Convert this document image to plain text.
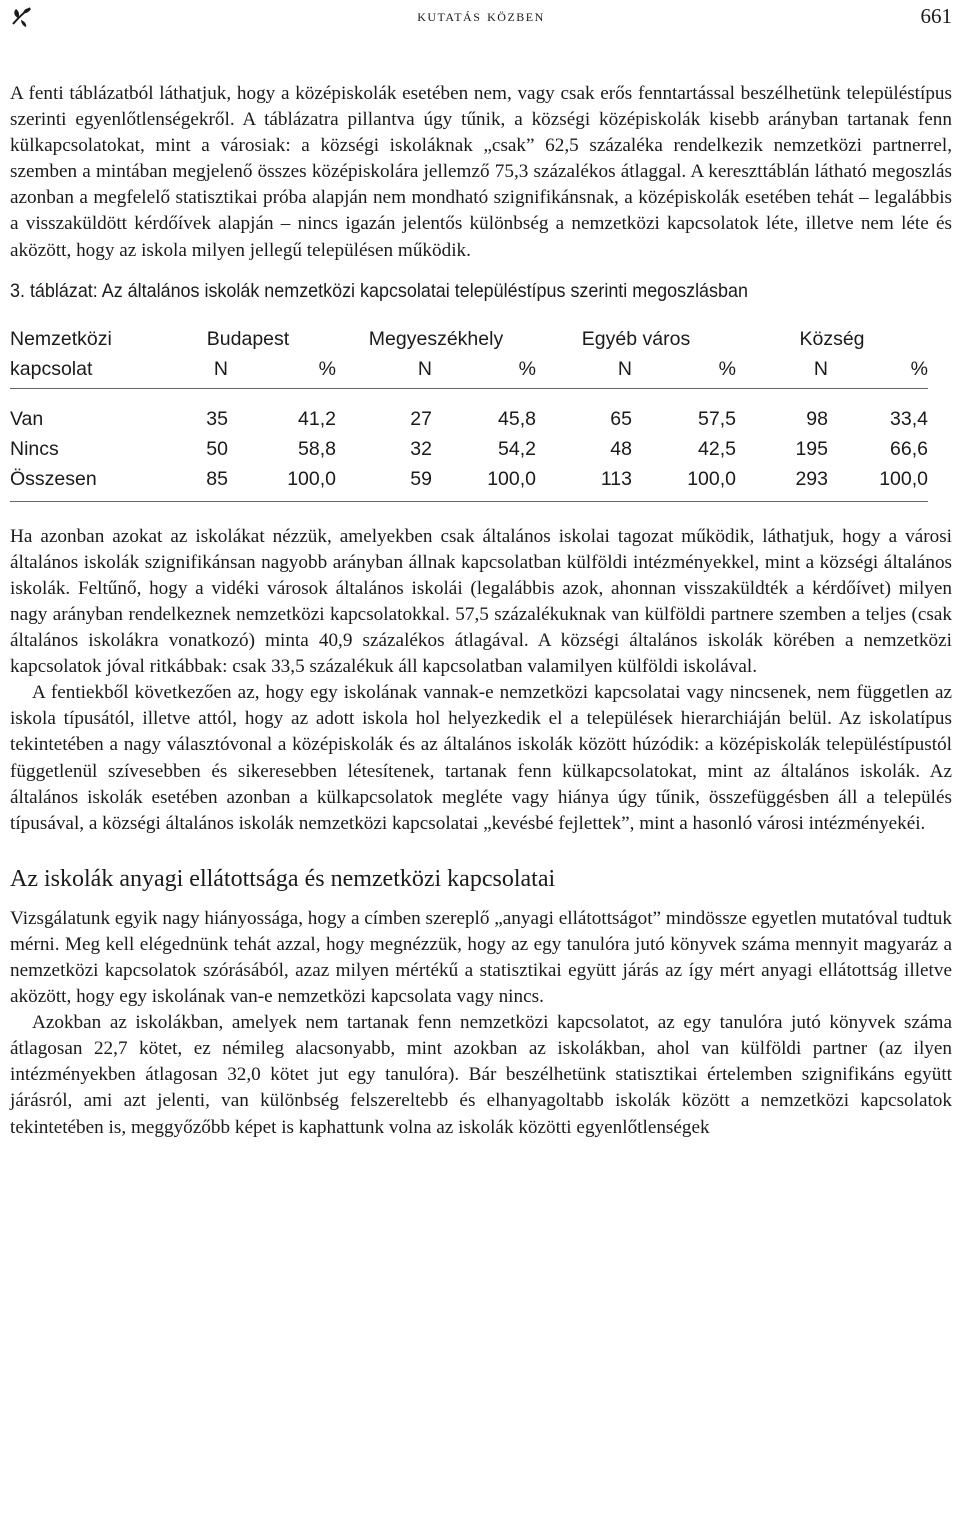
kutatás közben	661

A fenti táblázatból láthatjuk, hogy a középiskolák esetében nem, vagy csak erős fenntartással beszélhetünk településtípus szerinti egyenlőtlenségekről. A táblázatra pillantva úgy tűnik, a községi középiskolák kisebb arányban tartanak fenn külkapcsolatokat, mint a városiak: a községi iskoláknak „csak” 62,5 százaléka rendelkezik nemzetközi partnerrel, szemben a mintában megjelenő összes középiskolára jellemző 75,3 százalékos átlaggal. A kereszttáblán látható megoszlás azonban a megfelelő statisztikai próba alapján nem mondható szignifikánsnak, a középiskolák esetében tehát – legalábbis a visszaküldött kérdőívek alapján – nincs igazán jelentős különbség a nemzetközi kapcsolatok léte, illetve nem léte és aközött, hogy az iskola milyen jellegű településen működik.

3. táblázat: Az általános iskolák nemzetközi kapcsolatai településtípus szerinti megoszlásban
Nemzetközi	Budapest		Megyeszékhely		Egyéb város		Község	
kapcsolat	N	%	N	%	N	%	N	%
Van	35	41,2	27	45,8	65	57,5	98	33,4
Nincs	50	58,8	32	54,2	48	42,5	195	66,6
Összesen	85	100,0	59	100,0	113	100,0	293	100,0

Ha azonban azokat az iskolákat nézzük, amelyekben csak általános iskolai tagozat működik, láthatjuk, hogy a városi általános iskolák szignifikánsan nagyobb arányban állnak kapcsolatban külföldi intézményekkel, mint a községi általános iskolák. Feltűnő, hogy a vidéki városok általános iskolái (legalábbis azok, ahonnan visszaküldték a kérdőívet) milyen nagy arányban rendelkeznek nemzetközi kapcsolatokkal. 57,5 százalékuknak van külföldi partnere szemben a teljes (csak általános iskolákra vonatkozó) minta 40,9 százalékos átlagával. A községi általános iskolák körében a nemzetközi kapcsolatok jóval ritkábbak: csak 33,5 százalékuk áll kapcsolatban valamilyen külföldi iskolával.

A fentiekből következően az, hogy egy iskolának vannak-e nemzetközi kapcsolatai vagy nincsenek, nem független az iskola típusától, illetve attól, hogy az adott iskola hol helyezkedik el a települések hierarchiáján belül. Az iskolatípus tekintetében a nagy választóvonal a középiskolák és az általános iskolák között húzódik: a középiskolák településtípustól függetlenül szívesebben és sikeresebben létesítenek, tartanak fenn külkapcsolatokat, mint az általános iskolák. Az általános iskolák esetében azonban a külkapcsolatok megléte vagy hiánya úgy tűnik, összefüggésben áll a település típusával, a községi általános iskolák nemzetközi kapcsolatai „kevésbé fejlettek”, mint a hasonló városi intézményekéi.

Az iskolák anyagi ellátottsága és nemzetközi kapcsolatai

Vizsgálatunk egyik nagy hiányossága, hogy a címben szereplő „anyagi ellátottságot” mindössze egyetlen mutatóval tudtuk mérni. Meg kell elégednünk tehát azzal, hogy megnézzük, hogy az egy tanulóra jutó könyvek száma mennyit magyaráz a nemzetközi kapcsolatok szórásából, azaz milyen mértékű a statisztikai együtt járás az így mért anyagi ellátottság illetve aközött, hogy egy iskolának van-e nemzetközi kapcsolata vagy nincs.

Azokban az iskolákban, amelyek nem tartanak fenn nemzetközi kapcsolatot, az egy tanulóra jutó könyvek száma átlagosan 22,7 kötet, ez némileg alacsonyabb, mint azokban az iskolákban, ahol van külföldi partner (az ilyen intézményekben átlagosan 32,0 kötet jut egy tanulóra). Bár beszélhetünk statisztikai értelemben szignifikáns együtt járásról, ami azt jelenti, van különbség felszereltebb és elhanyagoltabb iskolák között a nemzetközi kapcsolatok tekintetében is, meggyőzőbb képet is kaphattunk volna az iskolák közötti egyenlőtlenségek
